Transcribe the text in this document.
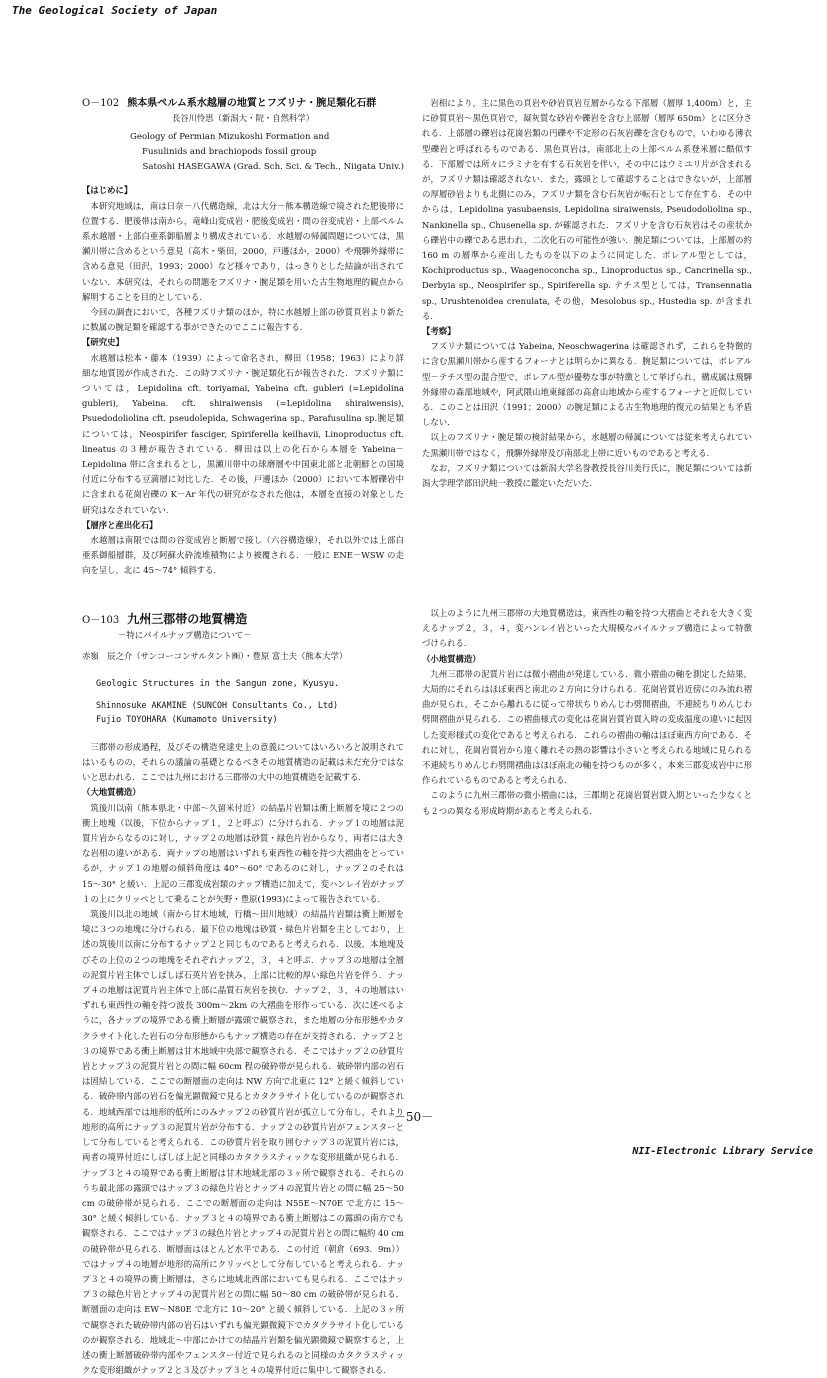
The Geological Society of Japan

O－102 熊本県ペルム系水越層の地質とフズリナ・腕足類化石群

長谷川怜思（新潟大・院・自然科学）

Geology of Permian Mizukoshi Formation and

Fusulinids and brachiopods fossil group

Satoshi HASEGAWA (Grad. Sch. Sci. & Tech., Niigata Univ.)

【はじめに】

本研究地域は，南は日奈－八代構造線，北は大分－熊本構造線で境された肥後帯に位置する．肥後帯は南から，竜峰山変成岩・肥後変成岩・間の谷変成岩・上部ペルム系水越層・上部白亜系御船層より構成されている．水越層の帰属問題については，黒瀬川帯に含めるという意見（高木・柴田，2000，戸邊ほか，2000）や飛騨外縁帯に含める意見（田沢，1993；2000）など様々であり，はっきりとした結論が出されていない．本研究は，それらの問題をフズリナ・腕足類を用いた古生物地理的観点から解明することを目的としている．

今回の調査において，各種フズリナ類のほか，特に水越層上部の砂質頁岩より新たに数属の腕足類を確認する事ができたのでここに報告する．

【研究史】

水越層は松本・藤本（1939）によって命名され，柳田（1958；1963）により詳細な地質図が作成された．この時フズリナ・腕足類化石が報告された．フズリナ類については，Lepidolina cft. toriyamai, Yabeina cft. gubleri (=Lepidolina gubleri), Yabeina. cft. shiraiwensis (=Lepidolina shiraiwensis), Psuedodoliolina cft. pseudolepida, Schwagerina sp., Parafusulina sp.腕足類については，Neospirifer fasciger, Spiriferella keilhavii, Linoproductus cft. lineatus の３種が報告されている．柳田は以上の化石から本層を Yabeina－Lepidolina 帯に含まれるとし，黒瀬川帯中の球磨層や中国東北部と北朝鮮との国境付近に分布する豆満層に対比した．その後，戸邊ほか（2000）において本層礫岩中に含まれる花崗岩礫の K－Ar 年代の研究がなされた他は，本層を直接の対象とした研究はなされていない．

【層序と産出化石】

水越層は南限では間の谷変成岩と断層で接し（六谷構造線），それ以外では上部白亜系御船層群，及び阿蘇火砕流堆積物により被覆される．一般に ENE－WSW の走向を呈し，北に 45～74° 傾斜する．

岩相により，主に黒色の頁岩や砂岩頁岩互層からなる下部層（層厚 1,400m）と，主に砂質頁岩～黒色頁岩で，凝灰質な砂岩や礫岩を含む上部層（層厚 650m）とに区分される．上部層の礫岩は花崗岩類の円礫や不定形の石灰岩礫を含むもので，いわゆる薄衣型礫岩と呼ばれるものである．黒色頁岩は，南部北上の上部ペルム系登米層に酷似する．下部層では所々にラミナを有する石灰岩を伴い，その中にはウミユリ片が含まれるが，フズリナ類は確認されない．また，露頭として確認することはできないが，上部層の厚層砂岩よりも北側にのみ，フズリナ類を含む石灰岩が転石として存在する．その中からは，Lepidolina yasubaensis, Lepidolina siraiwensis, Pseudodoliolina sp., Nankinella sp., Chusenella sp. が確認された．フズリナを含む石灰岩はその産状から礫岩中の礫である思われ，二次化石の可能性が強い．腕足類については，上部層の約 160 m の層準から産出したものを以下のように同定した．ボレアル型としては，Kochiproductus sp., Waagenoconcha sp., Linoproductus sp., Cancrinella sp., Derbyia sp., Neospirifer sp., Spiriferella sp. テチス型としては，Transennatia sp., Urushtenoidea crenulata, その他，Mesolobus sp., Hustedia sp. が含まれる．

【考察】

フズリナ類については Yabeina, Neoschwagerina は確認されず，これらを特徴的に含む黒瀬川帯から産するフォーナとは明らかに異なる．腕足類については，ボレアル型－テチス型の混合型で，ボレアル型が優勢な事が特徴として挙げられ，構成属は飛騨外縁帯の森部地域や，阿武隈山地東縁部の高倉山地域から産するフォーナと近似している．このことは田沢（1991；2000）の腕足類による古生物地理的復元の結果とも矛盾しない．

以上のフズリナ・腕足類の検討結果から，水越層の帰属については従来考えられていた黒瀬川帯ではなく，飛騨外縁帯及び南部北上帯に近いものであると考える．

なお，フズリナ類については新潟大学名誉教授長谷川美行氏に，腕足類については新潟大学理学部田沢純一教授に鑑定いただいた．

O－103 九州三郡帯の地質構造

－特にパイルナップ構造について－

赤嶺　辰之介（サンコーコンサルタント㈱）・豊原 富士夫（熊本大学）

Geologic Structures in the Sangun zone, Kyusyu.

Shinnosuke AKAMINE (SUNCOH Consultants Co., Ltd)

Fujio TOYOHARA (Kumamoto University)

三郡帯の形成過程，及びその構造発達史上の意義についてはいろいろと説明されてはいるものの，それらの議論の基礎となるべきその地質構造の記載は未だ充分ではないと思われる．ここでは九州における三郡帯の大中の地質構造を記載する．

（大地質構造）

筑後川以南（熊本県北・中部～久留米付近）の結晶片岩類は衝上断層を境に２つの衝上地塊（以後，下位からナップ１，２と呼ぶ）に分けられる．ナップ１の地層は泥質片岩からなるのに対し，ナップ２の地層は砂質・緑色片岩からなり，両者には大きな岩相の違いがある．両ナップの地層はいずれも東西性の軸を持つ大褶曲をとっているが，ナップ１の地層の傾斜角度は 40°～60° であるのに対し，ナップ２のそれは 15～30° と緩い．上記の三郡変成岩類のナップ構造に加えて，変ハンレイ岩がナップ１の上にクリッペとして乗ることが矢野・豊原(1993)によって報告されている．

筑後川以北の地域（南から甘木地域，行橋～田川地域）の結晶片岩類は衝上断層を境に３つの地塊に分けられる．最下位の地塊は砂質・緑色片岩類を主としており，上述の筑後川以南に分布するナップ２と同じものであると考えられる．以後，本地塊及びその上位の２つの地塊をそれぞれナップ２，３，４と呼ぶ．ナップ３の地層は全層の泥質片岩主体でしばしば石英片岩を挟み，上部に比較的厚い緑色片岩を伴う．ナップ４の地層は泥質片岩主体で上部に晶質石灰岩を挟む．ナップ２，３，４の地層はいずれも東西性の軸を持つ波長 300m～2km の大褶曲を形作っている．次に述べるように，各ナップの境界である衝上断層が露頭で観察され，また地層の分布形態やカタクラサイト化した岩石の分布形態からもナップ構造の存在が支持される．ナップ２と３の境界である衝上断層は甘木地域中央部で観察される．そこではナップ２の砂質片岩とナップ３の泥質片岩との間に幅 60cm 程の破砕帯が見られる．破砕帯内部の岩石は固結している．ここでの断層面の走向は NW 方向で北東に 12° と緩く傾斜している．破砕帯内部の岩石を偏光顕微鏡で見るとカタクラサイト化しているのが観察される．地域西部では地形的低所にのみナップ２の砂質片岩が孤立して分布し，それより地形的高所にナップ３の泥質片岩が分布する．ナップ２の砂質片岩がフェンスターとして分布していると考えられる．この砂質片岩を取り囲むナップ３の泥質片岩には，両者の境界付近にしばしば上記と同様のカタクラスティックな変形組織が見られる．ナップ３と４の境界である衝上断層は甘木地域北部の３ヶ所で観察される．それらのうち最北部の露頭ではナップ３の緑色片岩とナップ４の泥質片岩との間に幅 25～50 cm の破砕帯が見られる．ここでの断層面の走向は N55E～N70E で北方に 15～30° と緩く傾斜している．ナップ３と４の境界である衝上断層はこの露頭の南方でも観察される．ここではナップ３の緑色片岩とナップ４の泥質片岩との間に幅約 40 cm の破砕帯が見られる．断層面はほとんど水平である．この付近（朝倉（693．9m））ではナップ４の地層が地形的高所にクリッペとして分布していると考えられる．ナップ３と４の境界の衝上断層は，さらに地域北西部においても見られる．ここではナップ３の緑色片岩とナップ４の泥質片岩との間に幅 50～80 cm の破砕帯が見られる．断層面の走向は EW～N80E で北方に 10～20° と緩く傾斜している．上記の３ヶ所で観察された破砕帯内部の岩石はいずれも偏光顕微鏡下でカタクラサイト化しているのが観察される．地域北～中部にかけての結晶片岩類を偏光顕微鏡で観察すると，上述の衝上断層破砕帯内部やフェンスター付近で見られるのと同様のカタクラスティックな変形組織がナップ２と３及びナップ３と４の境界付近に集中して観察される．

以上のように九州三郡帯の大地質構造は，東西性の軸を持つ大褶曲とそれを大きく変えるナップ２，３，４，変ハンレイ岩といった大規模なパイルナップ構造によって特徴づけられる．

（小地質構造）

九州三郡帯の泥質片岩には微小褶曲が発達している．微小褶曲の軸を測定した結果，大局的にそれらはほぼ東西と南北の２方向に分けられる．花崗岩質岩近傍にのみ流れ褶曲が見られ，そこから離れるに従って帯状ちりめんじわ劈開褶曲，不連続ちりめんじわ劈開褶曲が見られる．この褶曲様式の変化は花崗岩質岩貫入時の変成温度の違いに起因した変形様式の変化であると考えられる．これらの褶曲の軸はほぼ東西方向である．それに対し，花崗岩質岩から遠く離れその熱の影響は小さいと考えられる地域に見られる不連続ちりめんじわ劈開褶曲はほぼ南北の軸を持つものが多く，本来三郡変成岩中に形作られているものであると考えられる．

このように九州三郡帯の微小褶曲には，三郡期と花崗岩質岩貫入期といった少なくとも２つの異なる形成時期があると考えられる．

－50－
NII-Electronic Library Service
